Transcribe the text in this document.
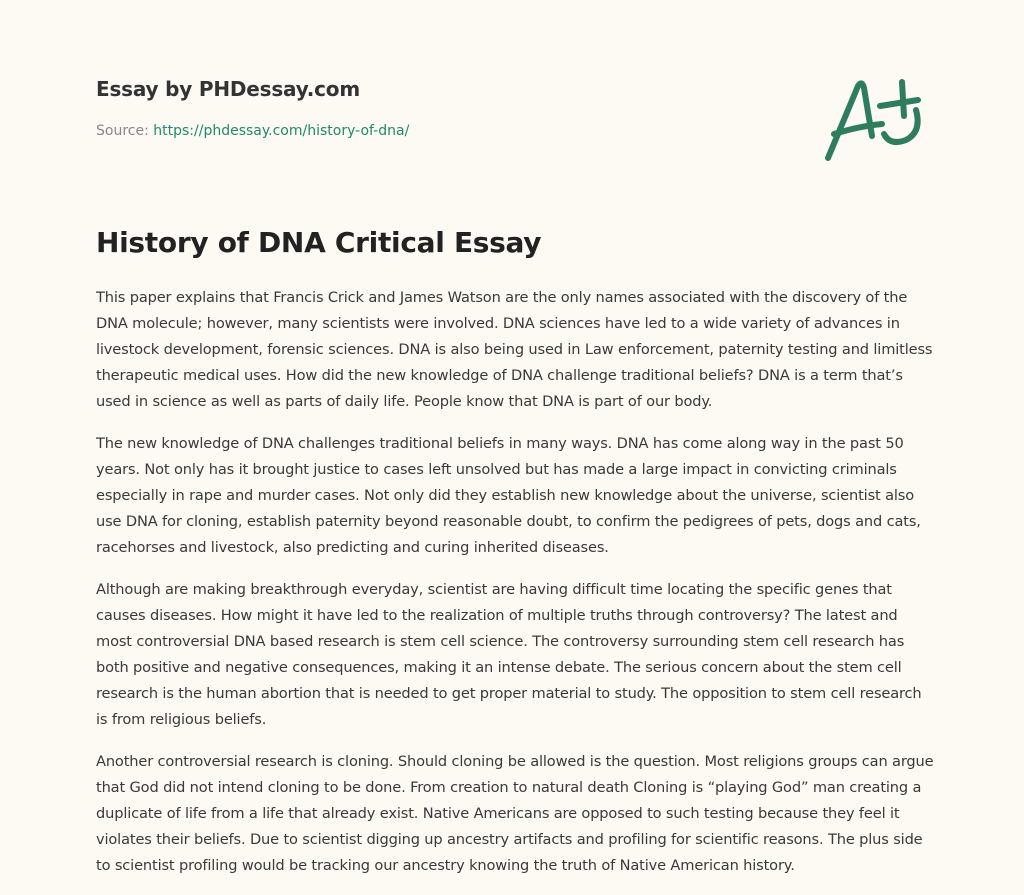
Essay by PHDessay.com
Source: https://phdessay.com/history-of-dna/
History of DNA Critical Essay

This paper explains that Francis Crick and James Watson are the only names associated with the discovery of the DNA molecule; however, many scientists were involved. DNA sciences have led to a wide variety of advances in livestock development, forensic sciences. DNA is also being used in Law enforcement, paternity testing and limitless therapeutic medical uses. How did the new knowledge of DNA challenge traditional beliefs? DNA is a term that’s used in science as well as parts of daily life. People know that DNA is part of our body.

The new knowledge of DNA challenges traditional beliefs in many ways. DNA has come along way in the past 50 years. Not only has it brought justice to cases left unsolved but has made a large impact in convicting criminals especially in rape and murder cases. Not only did they establish new knowledge about the universe, scientist also use DNA for cloning, establish paternity beyond reasonable doubt, to confirm the pedigrees of pets, dogs and cats, racehorses and livestock, also predicting and curing inherited diseases.

Although are making breakthrough everyday, scientist are having difficult time locating the specific genes that causes diseases. How might it have led to the realization of multiple truths through controversy? The latest and most controversial DNA based research is stem cell science. The controversy surrounding stem cell research has both positive and negative consequences, making it an intense debate. The serious concern about the stem cell research is the human abortion that is needed to get proper material to study. The opposition to stem cell research is from religious beliefs.

Another controversial research is cloning. Should cloning be allowed is the question. Most religions groups can argue that God did not intend cloning to be done. From creation to natural death Cloning is “playing God” man creating a duplicate of life from a life that already exist. Native Americans are opposed to such testing because they feel it violates their beliefs. Due to scientist digging up ancestry artifacts and profiling for scientific reasons. The plus side to scientist profiling would be tracking our ancestry knowing the truth of Native American history.
